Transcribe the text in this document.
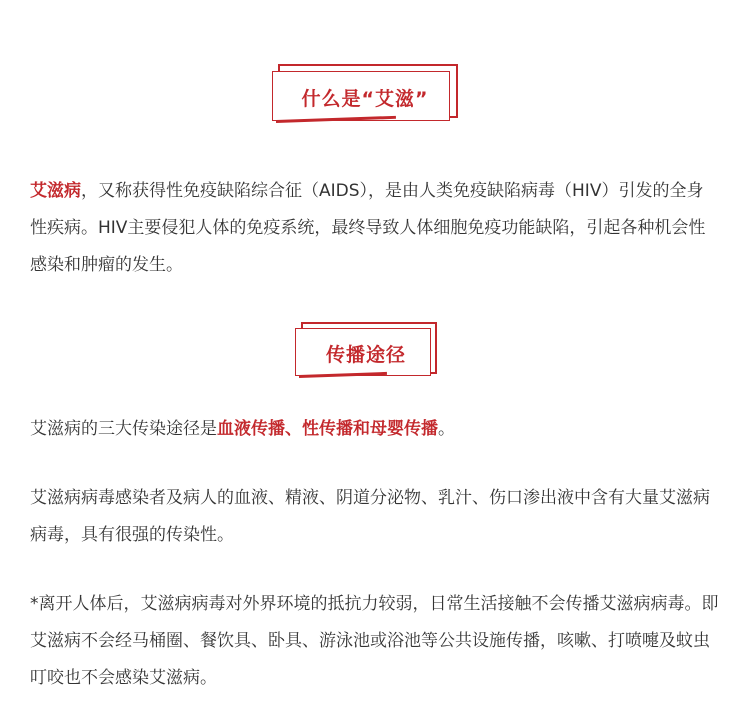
什么是“艾滋”

艾滋病，又称获得性免疫缺陷综合征（AIDS），是由人类免疫缺陷病毒（HIV）引发的全身性疾病。HIV主要侵犯人体的免疫系统，最终导致人体细胞免疫功能缺陷，引起各种机会性感染和肿瘤的发生。

传播途径

艾滋病的三大传染途径是血液传播、性传播和母婴传播。

艾滋病病毒感染者及病人的血液、精液、阴道分泌物、乳汁、伤口渗出液中含有大量艾滋病病毒，具有很强的传染性。

*离开人体后，艾滋病病毒对外界环境的抵抗力较弱，日常生活接触不会传播艾滋病病毒。即艾滋病不会经马桶圈、餐饮具、卧具、游泳池或浴池等公共设施传播，咳嗽、打喷嚏及蚊虫叮咬也不会感染艾滋病。
